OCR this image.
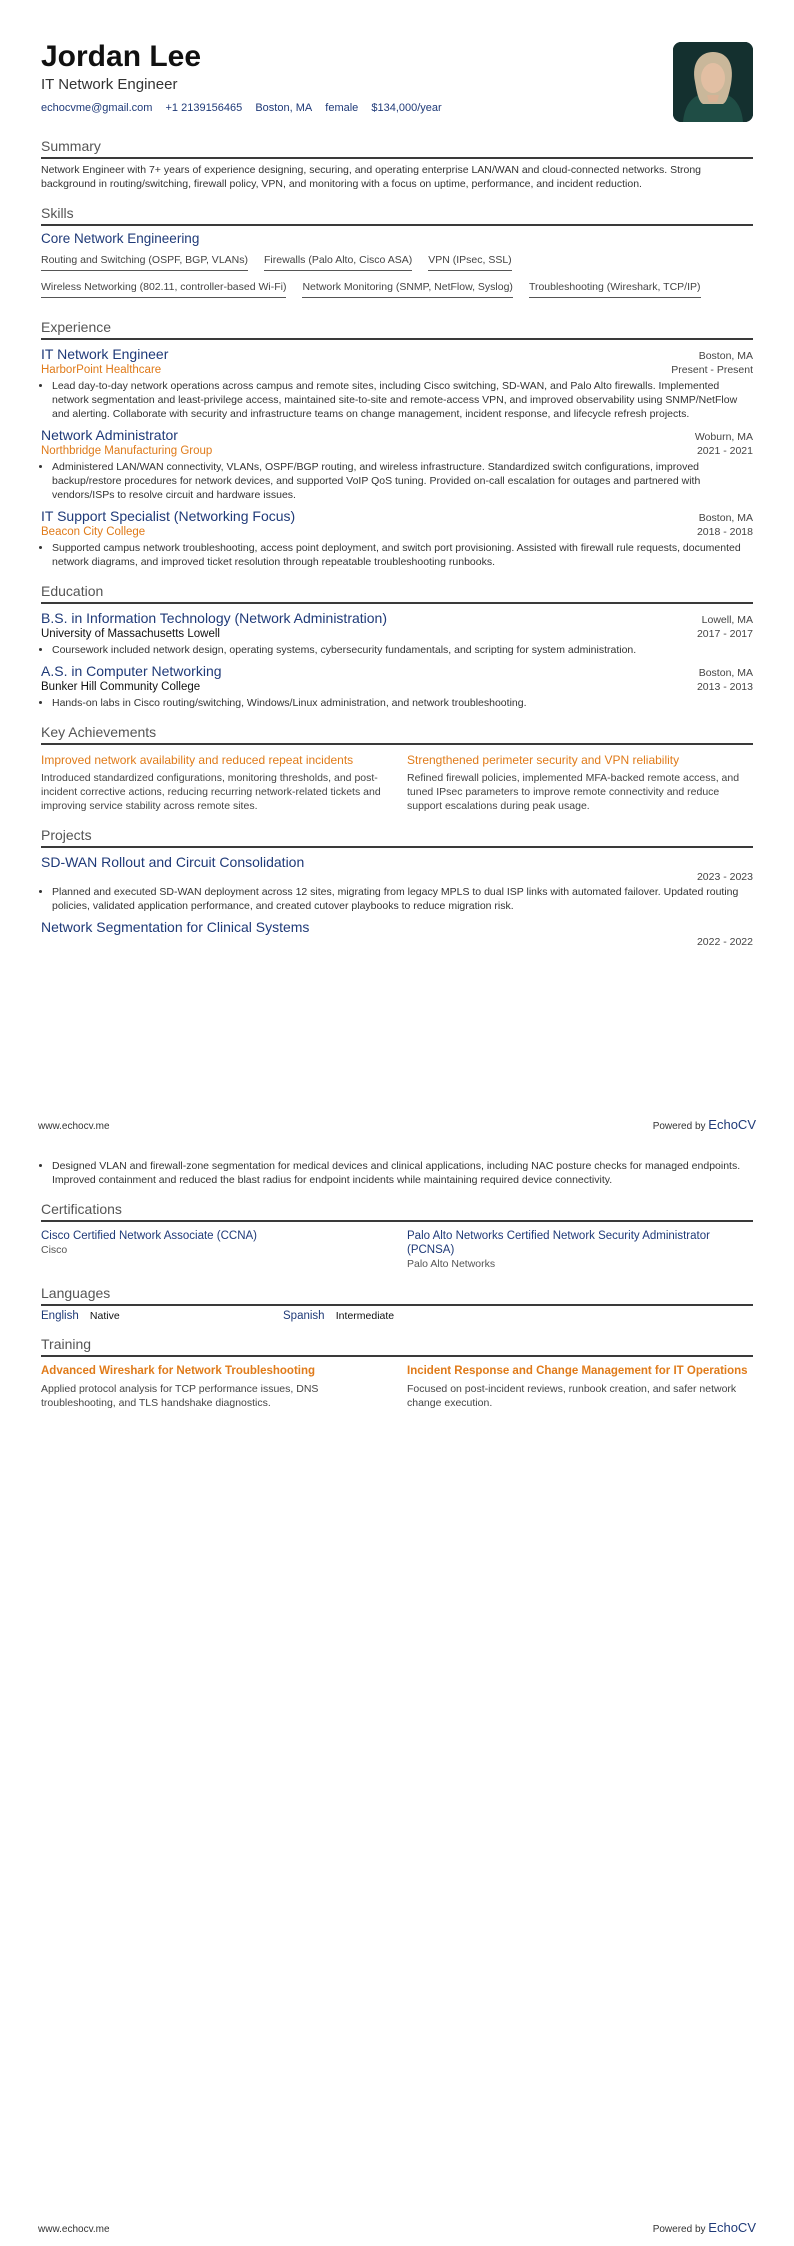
Jordan Lee
IT Network Engineer
echocvme@gmail.com +1 2139156465 Boston, MA female $134,000/year
Summary
Network Engineer with 7+ years of experience designing, securing, and operating enterprise LAN/WAN and cloud-connected networks. Strong background in routing/switching, firewall policy, VPN, and monitoring with a focus on uptime, performance, and incident reduction.
Skills
Core Network Engineering
Routing and Switching (OSPF, BGP, VLANs) Firewalls (Palo Alto, Cisco ASA) VPN (IPsec, SSL)
Wireless Networking (802.11, controller-based Wi-Fi) Network Monitoring (SNMP, NetFlow, Syslog) Troubleshooting (Wireshark, TCP/IP)
Experience
IT Network Engineer	Boston, MA
HarborPoint Healthcare	Present - Present
• Lead day-to-day network operations across campus and remote sites, including Cisco switching, SD-WAN, and Palo Alto firewalls. Implemented network segmentation and least-privilege access, maintained site-to-site and remote-access VPN, and improved observability using SNMP/NetFlow and alerting. Collaborate with security and infrastructure teams on change management, incident response, and lifecycle refresh projects.
Network Administrator	Woburn, MA
Northbridge Manufacturing Group	2021 - 2021
• Administered LAN/WAN connectivity, VLANs, OSPF/BGP routing, and wireless infrastructure. Standardized switch configurations, improved backup/restore procedures for network devices, and supported VoIP QoS tuning. Provided on-call escalation for outages and partnered with vendors/ISPs to resolve circuit and hardware issues.
IT Support Specialist (Networking Focus)	Boston, MA
Beacon City College	2018 - 2018
• Supported campus network troubleshooting, access point deployment, and switch port provisioning. Assisted with firewall rule requests, documented network diagrams, and improved ticket resolution through repeatable troubleshooting runbooks.
Education
B.S. in Information Technology (Network Administration)	Lowell, MA
University of Massachusetts Lowell	2017 - 2017
• Coursework included network design, operating systems, cybersecurity fundamentals, and scripting for system administration.
A.S. in Computer Networking	Boston, MA
Bunker Hill Community College	2013 - 2013
• Hands-on labs in Cisco routing/switching, Windows/Linux administration, and network troubleshooting.
Key Achievements
Improved network availability and reduced repeat incidents
Introduced standardized configurations, monitoring thresholds, and post-incident corrective actions, reducing recurring network-related tickets and improving service stability across remote sites.
Strengthened perimeter security and VPN reliability
Refined firewall policies, implemented MFA-backed remote access, and tuned IPsec parameters to improve remote connectivity and reduce support escalations during peak usage.
Projects
SD-WAN Rollout and Circuit Consolidation
2023 - 2023
• Planned and executed SD-WAN deployment across 12 sites, migrating from legacy MPLS to dual ISP links with automated failover. Updated routing policies, validated application performance, and created cutover playbooks to reduce migration risk.
Network Segmentation for Clinical Systems
2022 - 2022
www.echocv.me	Powered by EchoCV
• Designed VLAN and firewall-zone segmentation for medical devices and clinical applications, including NAC posture checks for managed endpoints. Improved containment and reduced the blast radius for endpoint incidents while maintaining required device connectivity.
Certifications
Cisco Certified Network Associate (CCNA)
Cisco
Palo Alto Networks Certified Network Security Administrator (PCNSA)
Palo Alto Networks
Languages
English Native	Spanish Intermediate
Training
Advanced Wireshark for Network Troubleshooting
Applied protocol analysis for TCP performance issues, DNS troubleshooting, and TLS handshake diagnostics.
Incident Response and Change Management for IT Operations
Focused on post-incident reviews, runbook creation, and safer network change execution.
www.echocv.me	Powered by EchoCV
